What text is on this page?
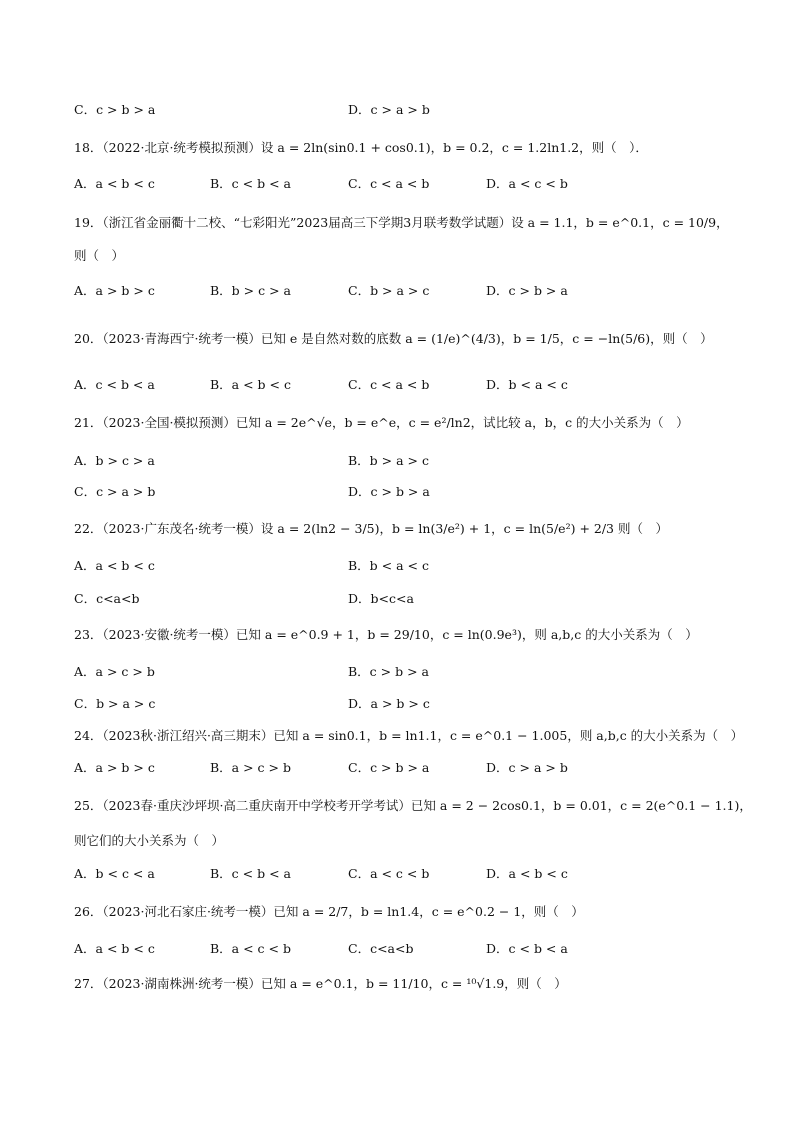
C．c > b > a	D．c > a > b
18．（2022·北京·统考模拟预测）设 a = 2ln(sin0.1 + cos0.1)，b = 0.2，c = 1.2ln1.2，则（　）．
A．a < b < c	B．c < b < a	C．c < a < b	D．a < c < b
19．（浙江省金丽衢十二校、“七彩阳光”2023届高三下学期3月联考数学试题）设 a = 1.1，b = e^0.1，c = 10/9，
则（　）
A．a > b > c	B．b > c > a	C．b > a > c	D．c > b > a
20．（2023·青海西宁·统考一模）已知 e 是自然对数的底数 a = (1/e)^(4/3)，b = 1/5，c = −ln(5/6)，则（　）
A．c < b < a	B．a < b < c	C．c < a < b	D．b < a < c
21．（2023·全国·模拟预测）已知 a = 2e^√e，b = e^e，c = e²/ln2，试比较 a，b，c 的大小关系为（　）
A．b > c > a	B．b > a > c
C．c > a > b	D．c > b > a
22．（2023·广东茂名·统考一模）设 a = 2(ln2 − 3/5)，b = ln(3/e²) + 1，c = ln(5/e²) + 2/3 则（　）
A．a < b < c	B．b < a < c
C．c<a<b	D．b<c<a
23．（2023·安徽·统考一模）已知 a = e^0.9 + 1，b = 29/10，c = ln(0.9e³)，则 a,b,c 的大小关系为（　）
A．a > c > b	B．c > b > a
C．b > a > c	D．a > b > c
24．（2023秋·浙江绍兴·高三期末）已知 a = sin0.1，b = ln1.1，c = e^0.1 − 1.005，则 a,b,c 的大小关系为（　）
A．a > b > c	B．a > c > b	C．c > b > a	D．c > a > b
25．（2023春·重庆沙坪坝·高二重庆南开中学校考开学考试）已知 a = 2 − 2cos0.1，b = 0.01，c = 2(e^0.1 − 1.1)，
则它们的大小关系为（　）
A．b < c < a	B．c < b < a	C．a < c < b	D．a < b < c
26．（2023·河北石家庄·统考一模）已知 a = 2/7，b = ln1.4，c = e^0.2 − 1，则（　）
A．a < b < c	B．a < c < b	C．c<a<b	D．c < b < a
27．（2023·湖南株洲·统考一模）已知 a = e^0.1，b = 11/10，c = ¹⁰√1.9，则（　）
